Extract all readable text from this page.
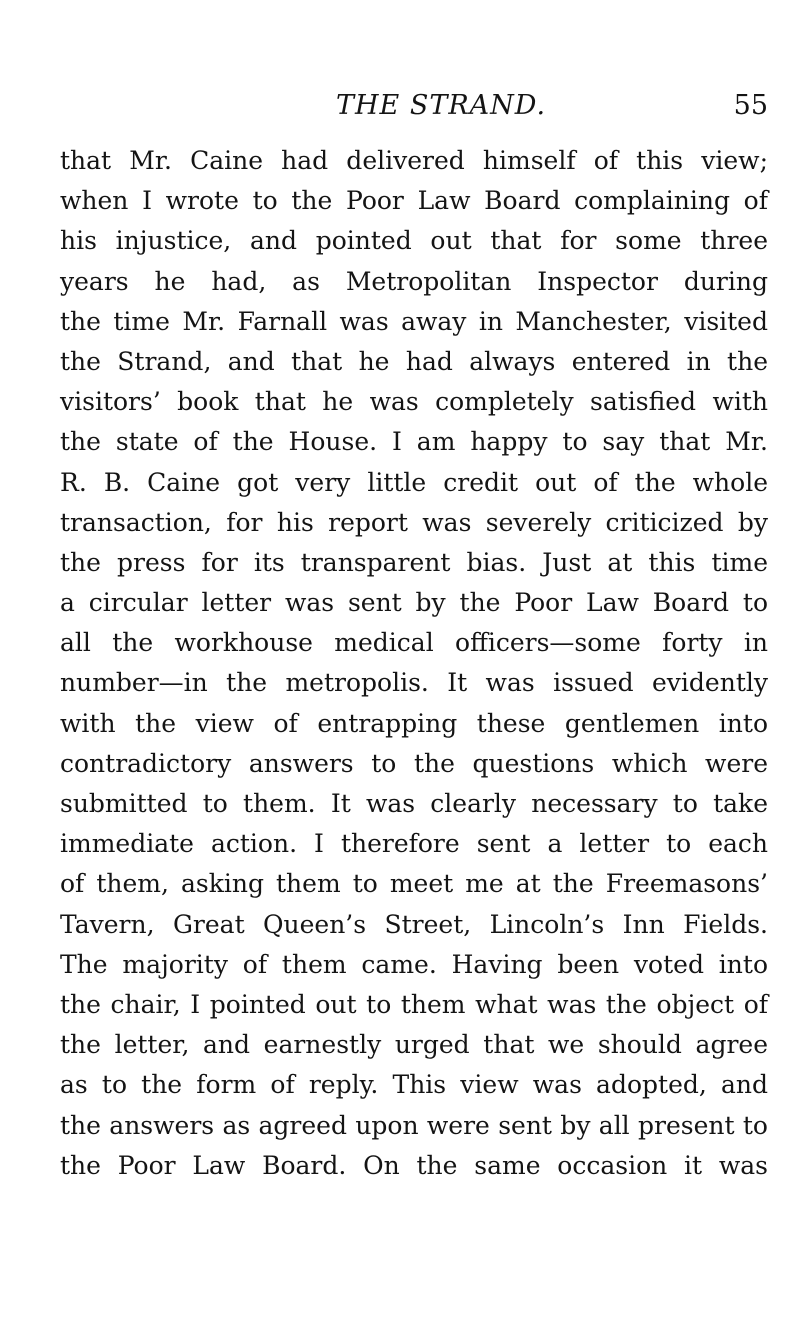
THE STRAND.	55
that Mr. Caine had delivered himself of this view;
when I wrote to the Poor Law Board complaining of
his injustice, and pointed out that for some three
years he had, as Metropolitan Inspector during
the time Mr. Farnall was away in Manchester, visited
the Strand, and that he had always entered in the
visitors’ book that he was completely satisfied with
the state of the House. I am happy to say that Mr.
R. B. Caine got very little credit out of the whole
transaction, for his report was severely criticized by
the press for its transparent bias. Just at this time
a circular letter was sent by the Poor Law Board to
all the workhouse medical officers—some forty in
number—in the metropolis. It was issued evidently
with the view of entrapping these gentlemen into
contradictory answers to the questions which were
submitted to them. It was clearly necessary to take
immediate action. I therefore sent a letter to each
of them, asking them to meet me at the Freemasons’
Tavern, Great Queen’s Street, Lincoln’s Inn Fields.
The majority of them came. Having been voted into
the chair, I pointed out to them what was the object of
the letter, and earnestly urged that we should agree
as to the form of reply. This view was adopted, and
the answers as agreed upon were sent by all present to
the Poor Law Board. On the same occasion it was
